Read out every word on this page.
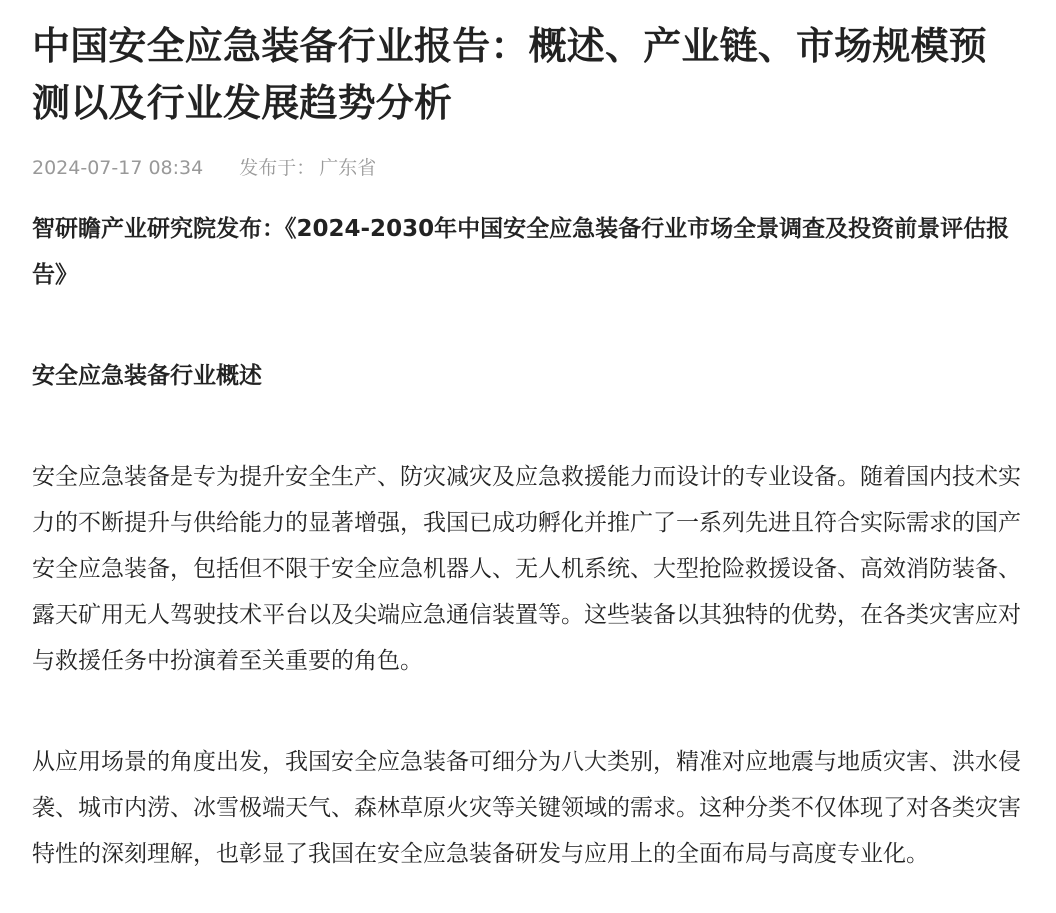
中国安全应急装备行业报告：概述、产业链、市场规模预测以及行业发展趋势分析
2024-07-17 08:34 发布于： 广东省

智研瞻产业研究院发布：《2024-2030年中国安全应急装备行业市场全景调查及投资前景评估报告》

安全应急装备行业概述

安全应急装备是专为提升安全生产、防灾减灾及应急救援能力而设计的专业设备。随着国内技术实力的不断提升与供给能力的显著增强，我国已成功孵化并推广了一系列先进且符合实际需求的国产安全应急装备，包括但不限于安全应急机器人、无人机系统、大型抢险救援设备、高效消防装备、露天矿用无人驾驶技术平台以及尖端应急通信装置等。这些装备以其独特的优势，在各类灾害应对与救援任务中扮演着至关重要的角色。

从应用场景的角度出发，我国安全应急装备可细分为八大类别，精准对应地震与地质灾害、洪水侵袭、城市内涝、冰雪极端天气、森林草原火灾等关键领域的需求。这种分类不仅体现了对各类灾害特性的深刻理解，也彰显了我国在安全应急装备研发与应用上的全面布局与高度专业化。
